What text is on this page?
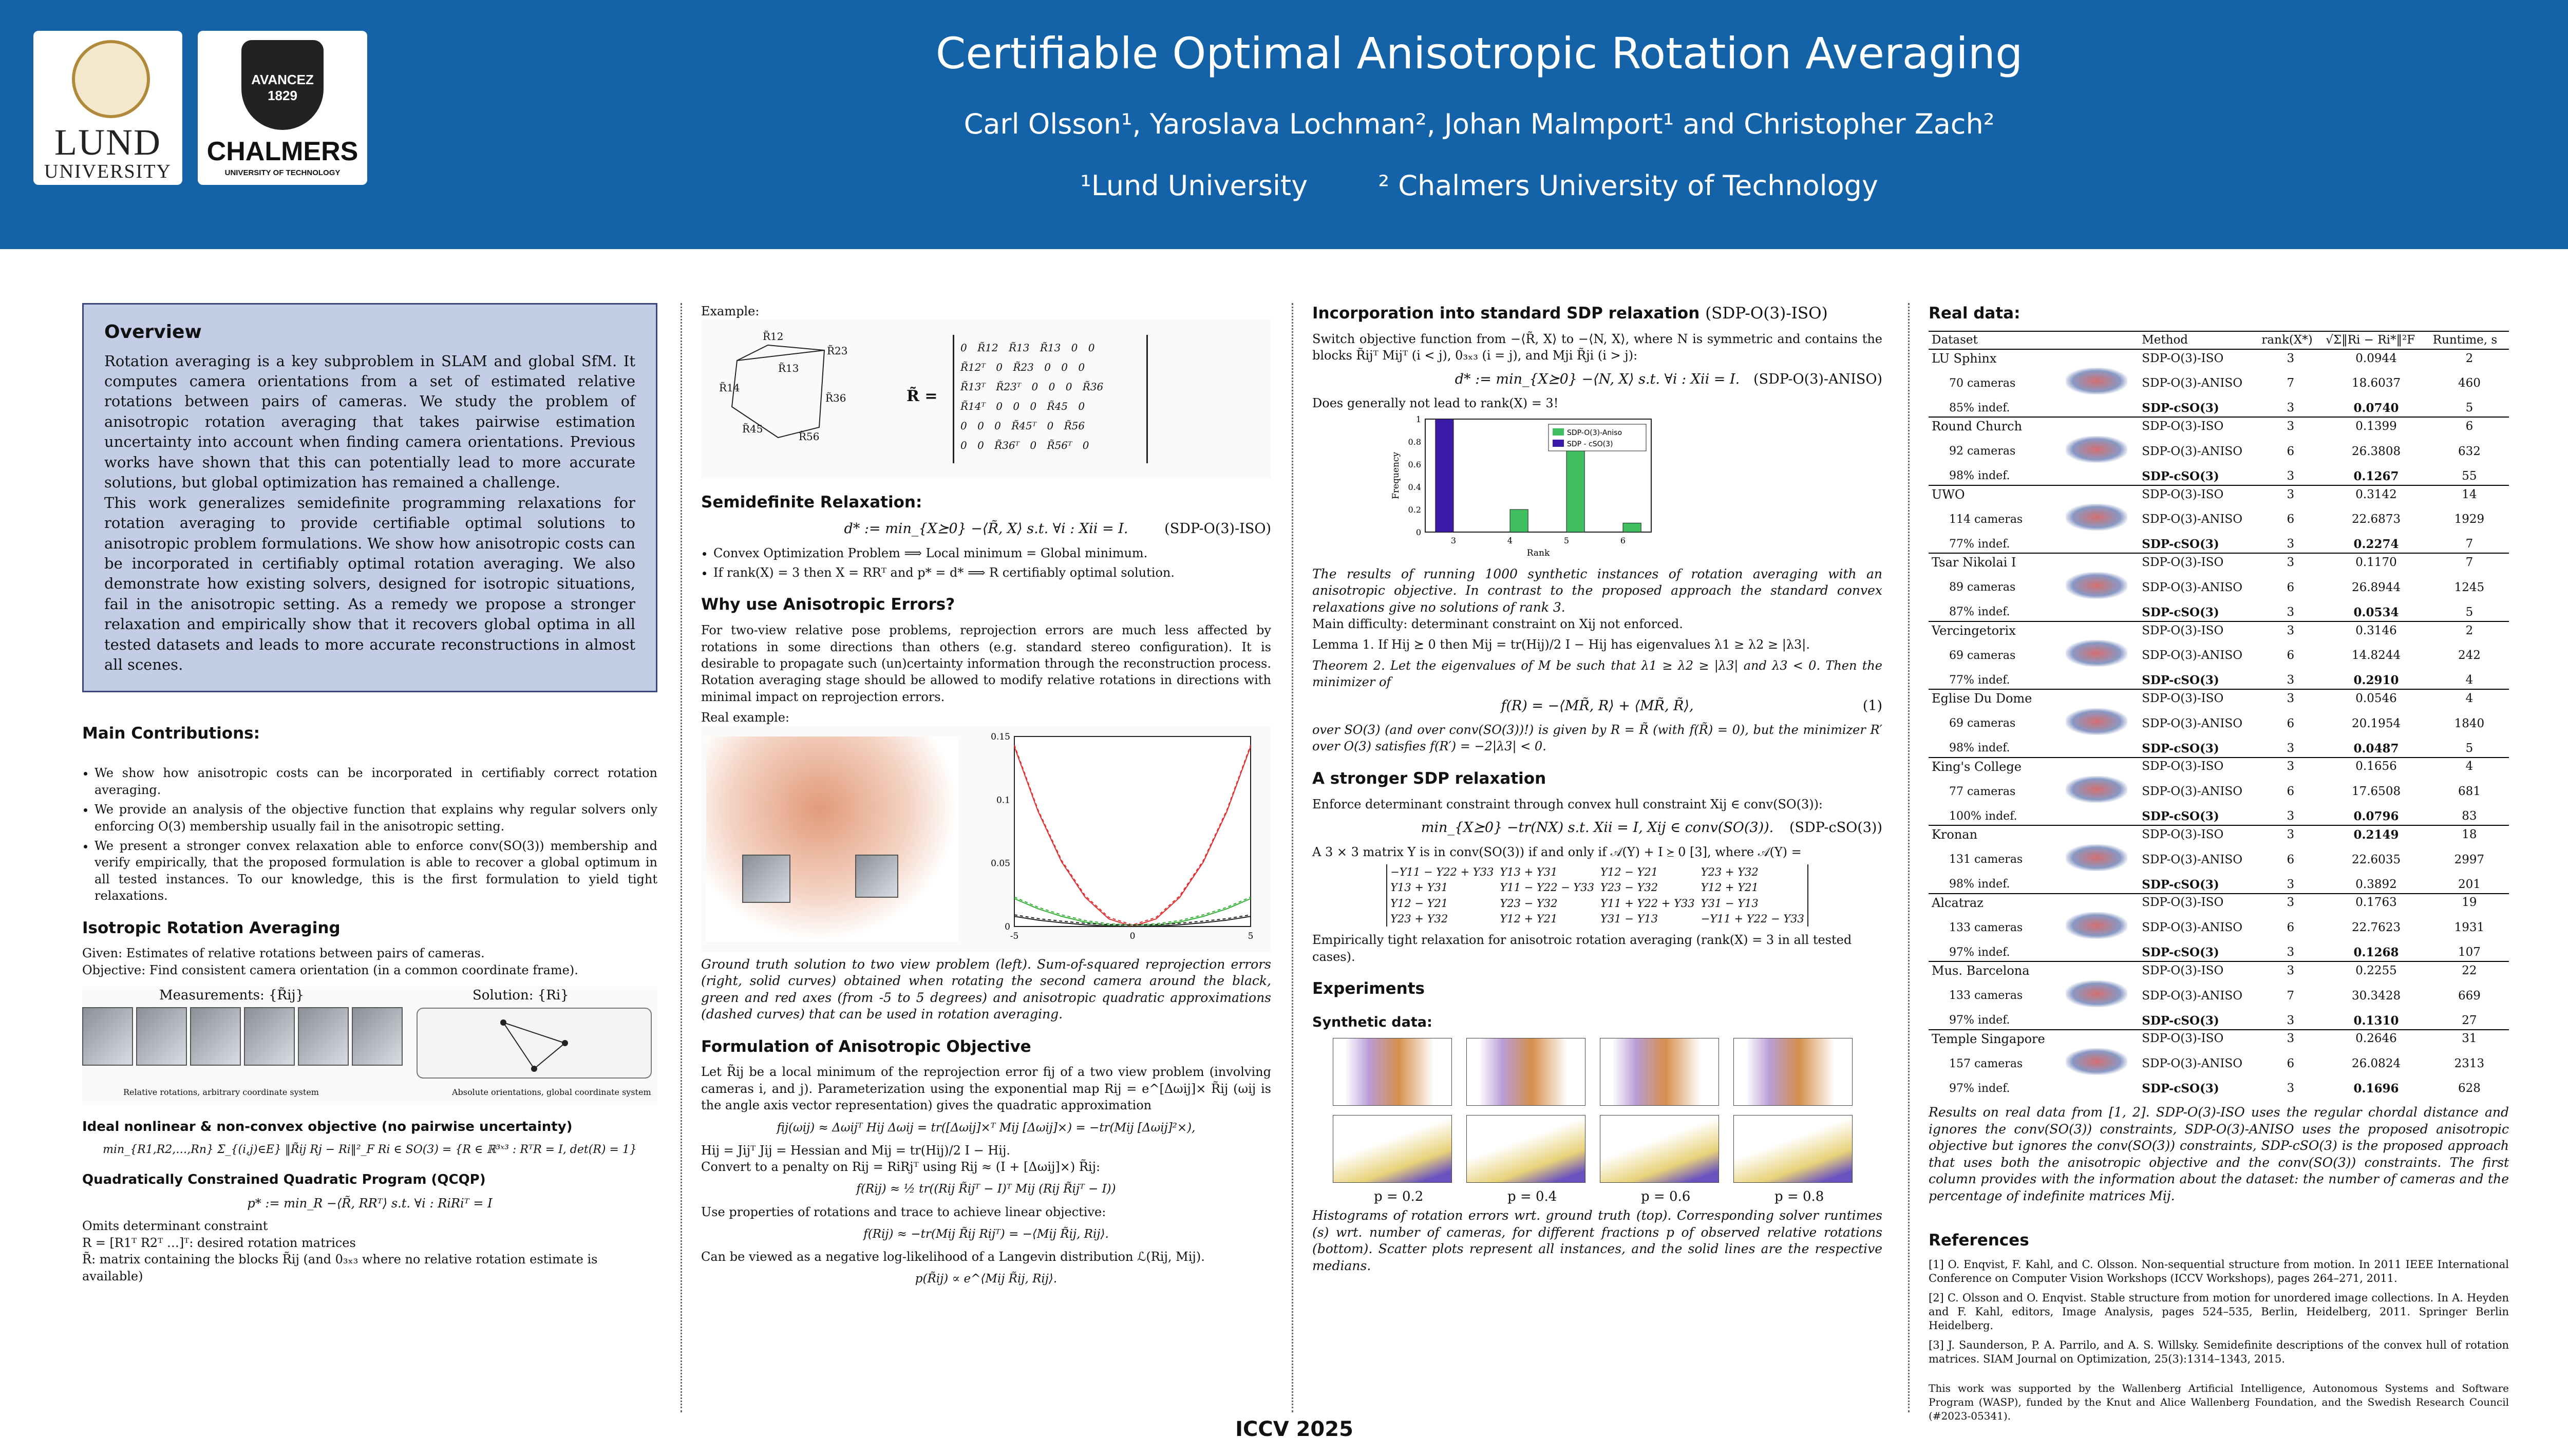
LUND
UNIVERSITY
AVANCEZ 1829
CHALMERS
UNIVERSITY OF TECHNOLOGY
Certifiable Optimal Anisotropic Rotation Averaging
Carl Olsson¹, Yaroslava Lochman², Johan Malmport¹ and Christopher Zach²
¹Lund University        ² Chalmers University of Technology
Overview

Rotation averaging is a key subproblem in SLAM and global SfM. It computes camera orientations from a set of estimated relative rotations between pairs of cameras. We study the problem of anisotropic rotation averaging that takes pairwise estimation uncertainty into account when finding camera orientations. Previous works have shown that this can potentially lead to more accurate solutions, but global optimization has remained a challenge.

This work generalizes semidefinite programming relaxations for rotation averaging to provide certifiable optimal solutions to anisotropic problem formulations. We show how anisotropic costs can be incorporated in certifiably optimal rotation averaging. We also demonstrate how existing solvers, designed for isotropic situations, fail in the anisotropic setting. As a remedy we propose a stronger relaxation and empirically show that it recovers global optima in all tested datasets and leads to more accurate reconstructions in almost all scenes.

Main Contributions:
• We show how anisotropic costs can be incorporated in certifiably correct rotation averaging.
• We provide an analysis of the objective function that explains why regular solvers only enforcing O(3) membership usually fail in the anisotropic setting.
• We present a stronger convex relaxation able to enforce conv(SO(3)) membership and verify empirically, that the proposed formulation is able to recover a global optimum in all tested instances. To our knowledge, this is the first formulation to yield tight relaxations.
Isotropic Rotation Averaging
Given: Estimates of relative rotations between pairs of cameras.
Objective: Find consistent camera orientation (in a common coordinate frame).
Measurements: {R̃ij}	Solution: {Ri}
Relative rotations, arbitrary coordinate system	Absolute orientations, global coordinate system
Ideal nonlinear & non-convex objective (no pairwise uncertainty)
min_{R1,R2,…,Rn} Σ_{(i,j)∈E} ‖R̃ij Rj − Ri‖²_F Ri ∈ SO(3) = {R ∈ ℝ³ˣ³ : RᵀR = I, det(R) = 1}
Quadratically Constrained Quadratic Program (QCQP)
p* := min_R −⟨R̃, RRᵀ⟩ s.t. ∀i : RiRiᵀ = I
Omits determinant constraint
R = [R1ᵀ R2ᵀ …]ᵀ: desired rotation matrices
R̃: matrix containing the blocks R̃ij (and 0₃ₓ₃ where no relative rotation estimate is available)
Example:
R̃12
R̃23
R̃13
R̃14
R̃36
R̃45
R̃56
R̃ =
0 R̃12 R̃13 R̃13 0 0
R̃12ᵀ 0 R̃23 0 0 0
R̃13ᵀ R̃23ᵀ 0 0 0 R̃36
R̃14ᵀ 0 0 0 R̃45 0
0 0 0 R̃45ᵀ 0 R̃56
0 0 R̃36ᵀ 0 R̃56ᵀ 0
Semidefinite Relaxation:
d* := min_{X⪰0} −⟨R̃, X⟩ s.t. ∀i : Xii = I.	(SDP-O(3)-ISO)
• Convex Optimization Problem ⟹ Local minimum = Global minimum.
• If rank(X) = 3 then X = RRᵀ and p* = d* ⟹ R certifiably optimal solution.
Why use Anisotropic Errors?

For two-view relative pose problems, reprojection errors are much less affected by rotations in some directions than others (e.g. standard stereo configuration). It is desirable to propagate such (un)certainty information through the reconstruction process. Rotation averaging stage should be allowed to modify relative rotations in directions with minimal impact on reprojection errors.

Real example:
0
0.05
0.1
0.15
-5	0	5
Ground truth solution to two view problem (left). Sum-of-squared reprojection errors (right, solid curves) obtained when rotating the second camera around the black, green and red axes (from -5 to 5 degrees) and anisotropic quadratic approximations (dashed curves) that can be used in rotation averaging.
Formulation of Anisotropic Objective

Let R̃ij be a local minimum of the reprojection error fij of a two view problem (involving cameras i, and j). Parameterization using the exponential map Rij = e^[Δωij]× R̃ij (ωij is the angle axis vector representation) gives the quadratic approximation

fij(ωij) ≈ Δωijᵀ Hij Δωij = tr([Δωij]×ᵀ Mij [Δωij]×) = −tr(Mij [Δωij]²×),
Hij = Jijᵀ Jij = Hessian and Mij = tr(Hij)/2 I − Hij.
Convert to a penalty on Rij = RiRjᵀ using Rij ≈ (I + [Δωij]×) R̃ij:
f(Rij) ≈ ½ tr((Rij R̃ijᵀ − I)ᵀ Mij (Rij R̃ijᵀ − I))
Use properties of rotations and trace to achieve linear objective:
f(Rij) ≈ −tr(Mij R̃ij Rijᵀ) = −⟨Mij R̃ij, Rij⟩.
Can be viewed as a negative log-likelihood of a Langevin distribution ℒ(Rij, Mij).
p(R̃ij) ∝ e^⟨Mij R̃ij, Rij⟩.
Incorporation into standard SDP relaxation (SDP-O(3)-ISO)

Switch objective function from −⟨R̃, X⟩ to −⟨N, X⟩, where N is symmetric and contains the blocks R̃ijᵀ Mijᵀ (i < j), 0₃ₓ₃ (i = j), and Mji R̃ji (i > j):

d* := min_{X⪰0} −⟨N, X⟩ s.t. ∀i : Xii = I. (SDP-O(3)-ANISO)
Does generally not lead to rank(X) = 3!
0
0.2
0.4
0.6
0.8
1
3	4	5	6
Rank
Frequency
SDP-O(3)-Aniso
SDP - cSO(3)
The results of running 1000 synthetic instances of rotation averaging with an anisotropic objective. In contrast to the proposed approach the standard convex relaxations give no solutions of rank 3.
Main difficulty: determinant constraint on Xij not enforced.

Lemma 1. If Hij ⪰ 0 then Mij = tr(Hij)/2 I − Hij has eigenvalues λ1 ≥ λ2 ≥ |λ3|.

Theorem 2. Let the eigenvalues of M be such that λ1 ≥ λ2 ≥ |λ3| and λ3 < 0. Then the minimizer of

f(R) = −⟨MR̃, R⟩ + ⟨MR̃, R̃⟩,	(1)

over SO(3) (and over conv(SO(3))!) is given by R = R̃ (with f(R̃) = 0), but the minimizer R′ over O(3) satisfies f(R′) = −2|λ3| < 0.

A stronger SDP relaxation

Enforce determinant constraint through convex hull constraint Xij ∈ conv(SO(3)):

min_{X⪰0} −tr(NX) s.t. Xii = I, Xij ∈ conv(SO(3)). (SDP-cSO(3))

A 3 × 3 matrix Y is in conv(SO(3)) if and only if 𝒜(Y) + I ⪰ 0 [3], where 𝒜(Y) =

−Y11 − Y22 + Y33	Y13 + Y31	Y12 − Y21	Y23 + Y32
Y13 + Y31	Y11 − Y22 − Y33	Y23 − Y32	Y12 + Y21
Y12 − Y21	Y23 − Y32	Y11 + Y22 + Y33	Y31 − Y13
Y23 + Y32	Y12 + Y21	Y31 − Y13	−Y11 + Y22 − Y33
Empirically tight relaxation for anisotroic rotation averaging (rank(X) = 3 in all tested cases).
Experiments
Synthetic data:
p = 0.2	p = 0.4	p = 0.6	p = 0.8
Histograms of rotation errors wrt. ground truth (top). Corresponding solver runtimes (s) wrt. number of cameras, for different fractions p of observed relative rotations (bottom). Scatter plots represent all instances, and the solid lines are the respective medians.
Real data:
Dataset		Method	rank(X*)	√Σ‖Ri − Ri*‖²F	Runtime, s
LU Sphinx		SDP-O(3)-ISO	3	0.0944	2
70 cameras		SDP-O(3)-ANISO	7	18.6037	460
85% indef.		SDP-cSO(3)	3	0.0740	5
Round Church		SDP-O(3)-ISO	3	0.1399	6
92 cameras		SDP-O(3)-ANISO	6	26.3808	632
98% indef.		SDP-cSO(3)	3	0.1267	55
UWO		SDP-O(3)-ISO	3	0.3142	14
114 cameras		SDP-O(3)-ANISO	6	22.6873	1929
77% indef.		SDP-cSO(3)	3	0.2274	7
Tsar Nikolai I		SDP-O(3)-ISO	3	0.1170	7
89 cameras		SDP-O(3)-ANISO	6	26.8944	1245
87% indef.		SDP-cSO(3)	3	0.0534	5
Vercingetorix		SDP-O(3)-ISO	3	0.3146	2
69 cameras		SDP-O(3)-ANISO	6	14.8244	242
77% indef.		SDP-cSO(3)	3	0.2910	4
Eglise Du Dome		SDP-O(3)-ISO	3	0.0546	4
69 cameras		SDP-O(3)-ANISO	6	20.1954	1840
98% indef.		SDP-cSO(3)	3	0.0487	5
King's College		SDP-O(3)-ISO	3	0.1656	4
77 cameras		SDP-O(3)-ANISO	6	17.6508	681
100% indef.		SDP-cSO(3)	3	0.0796	83
Kronan		SDP-O(3)-ISO	3	0.2149	18
131 cameras		SDP-O(3)-ANISO	6	22.6035	2997
98% indef.		SDP-cSO(3)	3	0.3892	201
Alcatraz		SDP-O(3)-ISO	3	0.1763	19
133 cameras		SDP-O(3)-ANISO	6	22.7623	1931
97% indef.		SDP-cSO(3)	3	0.1268	107
Mus. Barcelona		SDP-O(3)-ISO	3	0.2255	22
133 cameras		SDP-O(3)-ANISO	7	30.3428	669
97% indef.		SDP-cSO(3)	3	0.1310	27
Temple Singapore		SDP-O(3)-ISO	3	0.2646	31
157 cameras		SDP-O(3)-ANISO	6	26.0824	2313
97% indef.		SDP-cSO(3)	3	0.1696	628
Results on real data from [1, 2]. SDP-O(3)-ISO uses the regular chordal distance and ignores the conv(SO(3)) constraints, SDP-O(3)-ANISO uses the proposed anisotropic objective but ignores the conv(SO(3)) constraints, SDP-cSO(3) is the proposed approach that uses both the anisotropic objective and the conv(SO(3)) constraints. The first column provides with the information about the dataset: the number of cameras and the percentage of indefinite matrices Mij.
References

[1] O. Enqvist, F. Kahl, and C. Olsson. Non-sequential structure from motion. In 2011 IEEE International Conference on Computer Vision Workshops (ICCV Workshops), pages 264–271, 2011.

[2] C. Olsson and O. Enqvist. Stable structure from motion for unordered image collections. In A. Heyden and F. Kahl, editors, Image Analysis, pages 524–535, Berlin, Heidelberg, 2011. Springer Berlin Heidelberg.

[3] J. Saunderson, P. A. Parrilo, and A. S. Willsky. Semidefinite descriptions of the convex hull of rotation matrices. SIAM Journal on Optimization, 25(3):1314–1343, 2015.

This work was supported by the Wallenberg Artificial Intelligence, Autonomous Systems and Software Program (WASP), funded by the Knut and Alice Wallenberg Foundation, and the Swedish Research Council (#2023-05341).

ICCV 2025
